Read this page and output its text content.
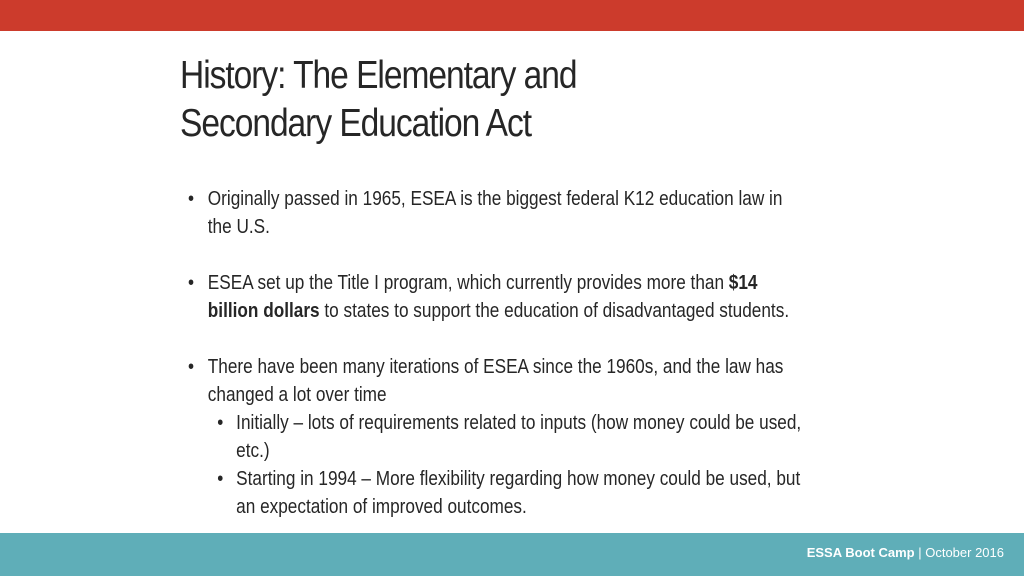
History: The Elementary and
Secondary Education Act
• Originally passed in 1965, ESEA is the biggest federal K12 education law in
the U.S.
• ESEA set up the Title I program, which currently provides more than $14
billion dollars to states to support the education of disadvantaged students.
• There have been many iterations of ESEA since the 1960s, and the law has
changed a lot over time
• Initially – lots of requirements related to inputs (how money could be used,
etc.)
• Starting in 1994 – More flexibility regarding how money could be used, but
an expectation of improved outcomes.
ESSA Boot Camp | October 2016
